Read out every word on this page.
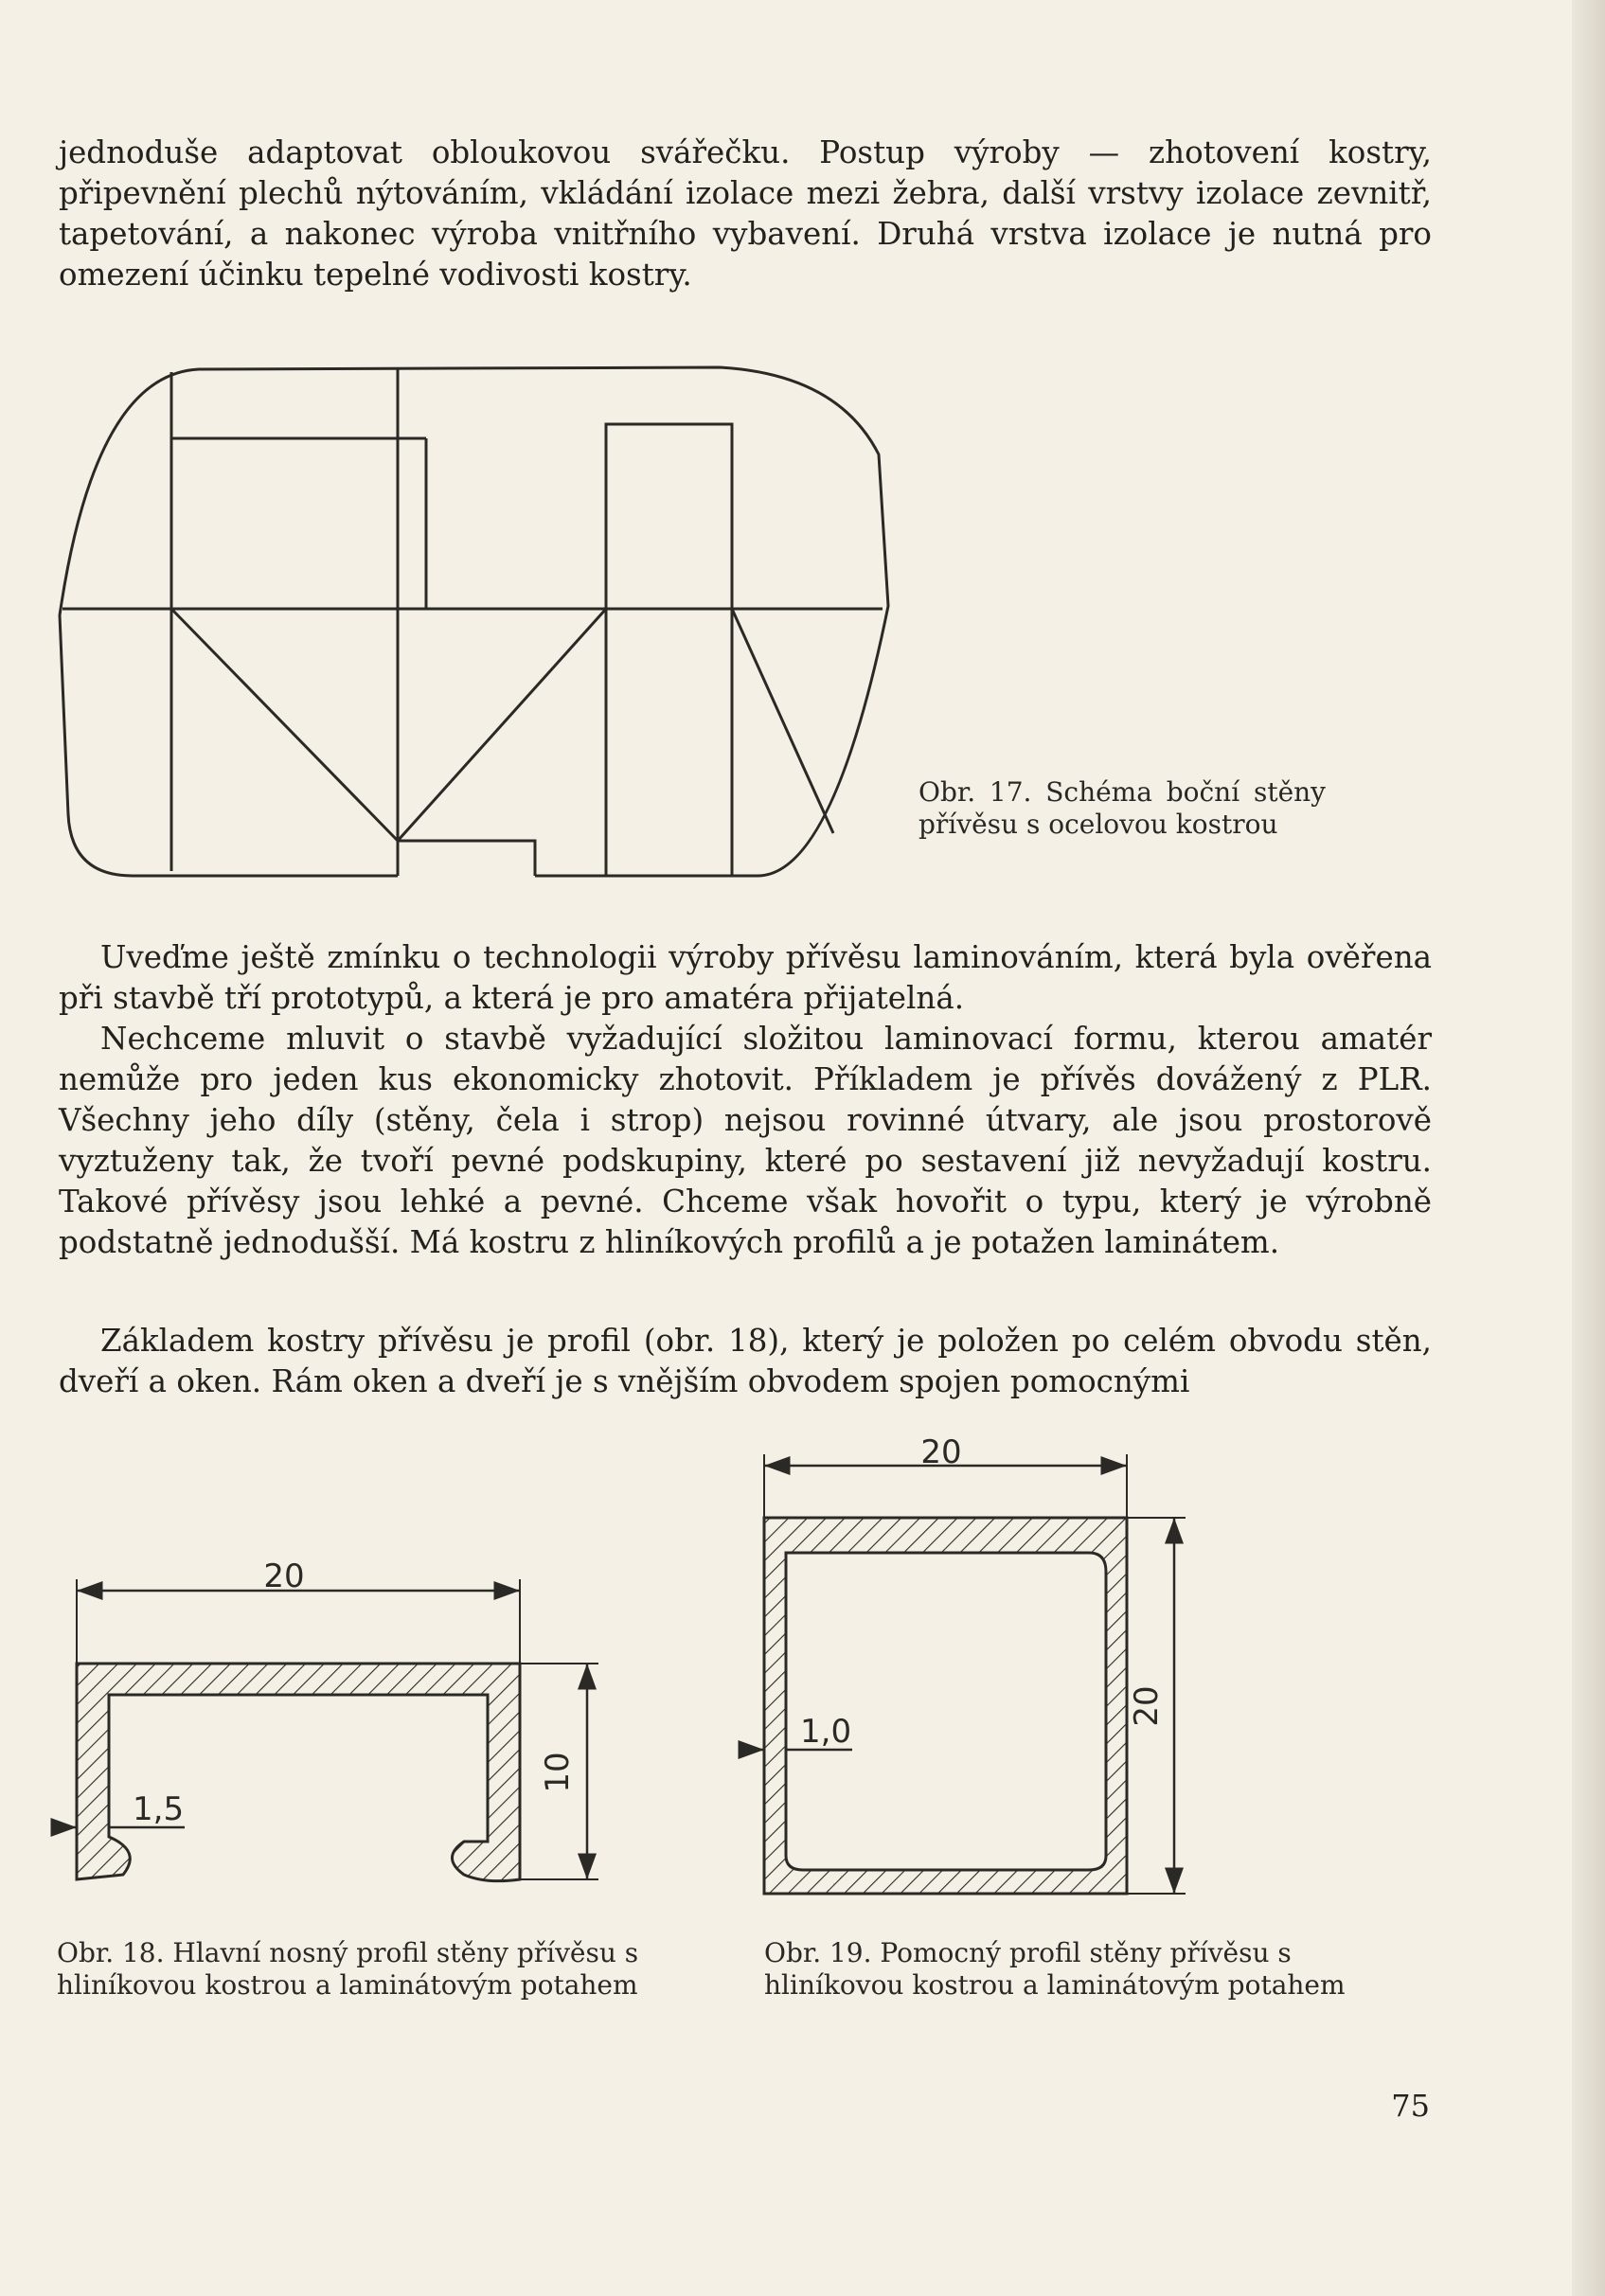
jednoduše adaptovat obloukovou svářečku. Postup výroby — zhotovení kostry, připevnění plechů nýtováním, vkládání izolace mezi žebra, další vrstvy izolace zevnitř, tapetování, a nakonec výroba vnitřního vybavení. Druhá vrstva izolace je nutná pro omezení účinku tepelné vodivosti kostry.

20
10
1,5
20
20
1,0

Obr. 17. Schéma boční stěny přívěsu s ocelovou kostrou

Uveďme ještě zmínku o technologii výroby přívěsu laminováním, která byla ověřena při stavbě tří prototypů, a která je pro amatéra přijatelná.

Nechceme mluvit o stavbě vyžadující složitou laminovací formu, kterou amatér nemůže pro jeden kus ekonomicky zhotovit. Příkladem je přívěs dovážený z PLR. Všechny jeho díly (stěny, čela i strop) nejsou rovinné útvary, ale jsou prostorově vyztuženy tak, že tvoří pevné podskupiny, které po sestavení již nevyžadují kostru. Takové přívěsy jsou lehké a pevné. Chceme však hovořit o typu, který je výrobně podstatně jednodušší. Má kostru z hliníkových profilů a je potažen laminátem.

Základem kostry přívěsu je profil (obr. 18), který je položen po celém obvodu stěn, dveří a oken. Rám oken a dveří je s vnějším obvodem spojen pomocnými

Obr. 18. Hlavní nosný profil stěny přívěsu s hliníkovou kostrou a laminátovým potahem

Obr. 19. Pomocný profil stěny přívěsu s hliníkovou kostrou a laminátovým potahem

75
